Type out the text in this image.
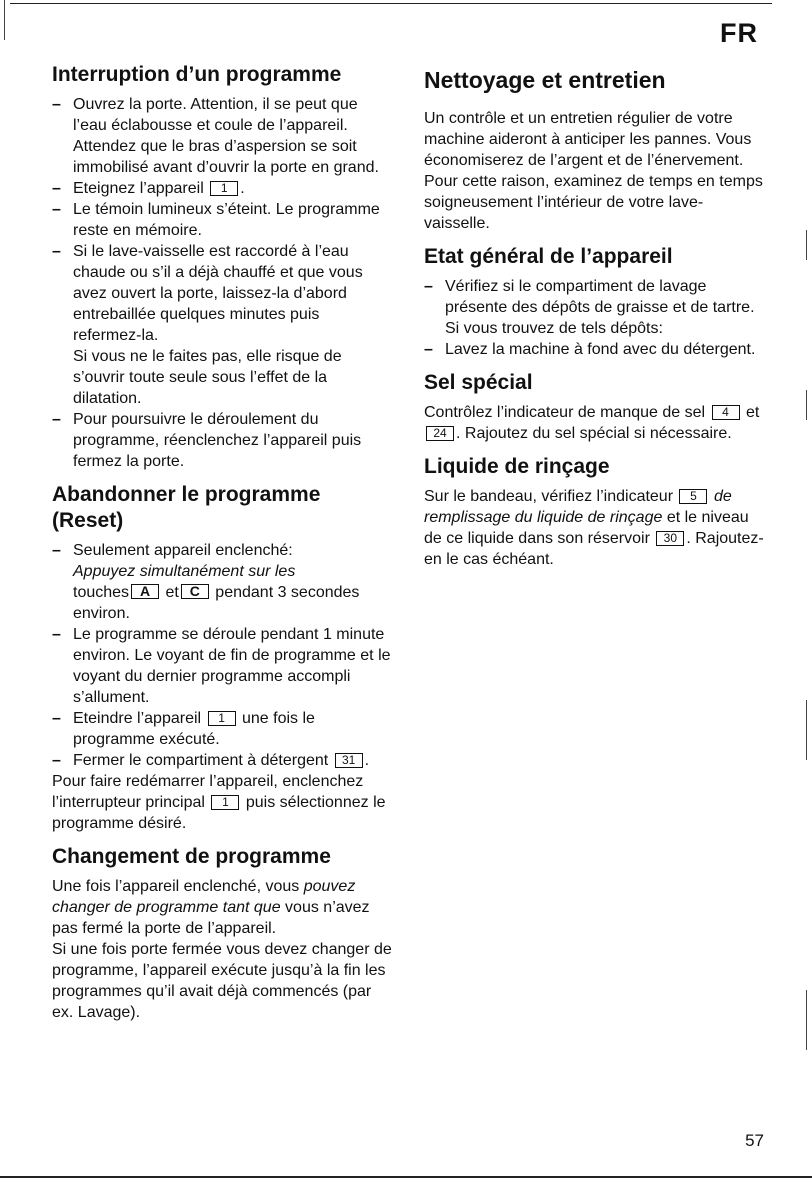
FR
Interruption d’un programme
– Ouvrez la porte. Attention, il se peut que l’eau éclabousse et coule de l’appareil. Attendez que le bras d’aspersion se soit immobilisé avant d’ouvrir la porte en grand.
– Eteignez l’appareil 1 .
– Le témoin lumineux s’éteint. Le programme reste en mémoire.
– Si le lave-vaisselle est raccordé à l’eau chaude ou s’il a déjà chauffé et que vous avez ouvert la porte, laissez-la d’abord entrebaillée quelques minutes puis refermez-la.
Si vous ne le faites pas, elle risque de s’ouvrir toute seule sous l’effet de la dilatation.
– Pour poursuivre le déroulement du programme, réenclenchez l’appareil puis fermez la porte.
Abandonner le programme (Reset)
– Seulement appareil enclenché:
Appuyez simultanément sur les
touches A et C pendant 3 secondes environ.
– Le programme se déroule pendant 1 minute environ. Le voyant de fin de programme et le voyant du dernier programme accompli s’allument.
– Eteindre l’appareil 1 une fois le programme exécuté.
– Fermer le compartiment à détergent 31 .

Pour faire redémarrer l’appareil, enclenchez l’interrupteur principal 1 puis sélectionnez le programme désiré.

Changement de programme

Une fois l’appareil enclenché, vous pouvez changer de programme tant que vous n’avez pas fermé la porte de l’appareil.

Si une fois porte fermée vous devez changer de programme, l’appareil exécute jusqu’à la fin les programmes qu’il avait déjà commencés (par ex. Lavage).

Nettoyage et entretien

Un contrôle et un entretien régulier de votre machine aideront à anticiper les pannes. Vous économiserez de l’argent et de l’énervement. Pour cette raison, examinez de temps en temps soigneusement l’intérieur de votre lave-vaisselle.

Etat général de l’appareil
– Vérifiez si le compartiment de lavage présente des dépôts de graisse et de tartre.
Si vous trouvez de tels dépôts:
– Lavez la machine à fond avec du détergent.
Sel spécial

Contrôlez l’indicateur de manque de sel 4 et 24 . Rajoutez du sel spécial si nécessaire.

Liquide de rinçage

Sur le bandeau, vérifiez l’indicateur 5 de remplissage du liquide de rinçage et le niveau de ce liquide dans son réservoir 30 . Rajoutez-en le cas échéant.

57
